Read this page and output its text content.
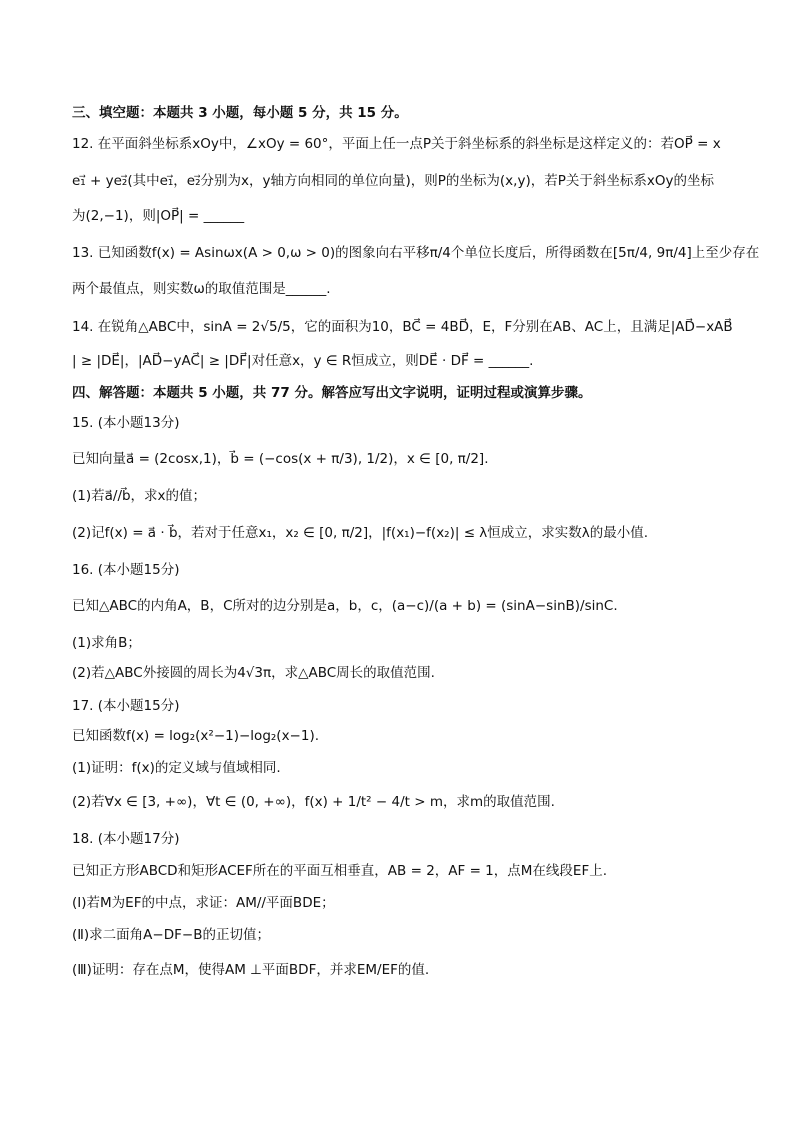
三、填空题：本题共 3 小题，每小题 5 分，共 15 分。
12. 在平面斜坐标系xOy中，∠xOy = 60°，平面上任一点P关于斜坐标系的斜坐标是这样定义的：若OP⃗ = x
e₁⃗ + ye₂⃗(其中e₁⃗，e₂⃗分别为x，y轴方向相同的单位向量)，则P的坐标为(x,y)，若P关于斜坐标系xOy的坐标
为(2,−1)，则|OP⃗| = ______
13. 已知函数f(x) = Asinωx(A > 0,ω > 0)的图象向右平移π/4个单位长度后，所得函数在[5π/4, 9π/4]上至少存在
两个最值点，则实数ω的取值范围是______.
14. 在锐角△ABC中，sinA = 2√5/5，它的面积为10，BC⃗ = 4BD⃗，E，F分别在AB、AC上，且满足|AD⃗−xAB⃗
| ≥ |DE⃗|，|AD⃗−yAC⃗| ≥ |DF⃗|对任意x，y ∈ R恒成立，则DE⃗ · DF⃗ = ______.
四、解答题：本题共 5 小题，共 77 分。解答应写出文字说明，证明过程或演算步骤。
15. (本小题13分)
已知向量a⃗ = (2cosx,1)，b⃗ = (−cos(x + π/3), 1/2)，x ∈ [0, π/2].
(1)若a⃗//b⃗，求x的值；
(2)记f(x) = a⃗ · b⃗，若对于任意x₁，x₂ ∈ [0, π/2]，|f(x₁)−f(x₂)| ≤ λ恒成立，求实数λ的最小值.
16. (本小题15分)
已知△ABC的内角A，B，C所对的边分别是a，b，c，(a−c)/(a + b) = (sinA−sinB)/sinC.
(1)求角B；
(2)若△ABC外接圆的周长为4√3π，求△ABC周长的取值范围.
17. (本小题15分)
已知函数f(x) = log₂(x²−1)−log₂(x−1).
(1)证明：f(x)的定义域与值域相同.
(2)若∀x ∈ [3, +∞)，∀t ∈ (0, +∞)，f(x) + 1/t² − 4/t > m，求m的取值范围.
18. (本小题17分)
已知正方形ABCD和矩形ACEF所在的平面互相垂直，AB = 2，AF = 1，点M在线段EF上.
(Ⅰ)若M为EF的中点，求证：AM//平面BDE；
(Ⅱ)求二面角A−DF−B的正切值；
(Ⅲ)证明：存在点M，使得AM ⊥平面BDF，并求EM/EF的值.
